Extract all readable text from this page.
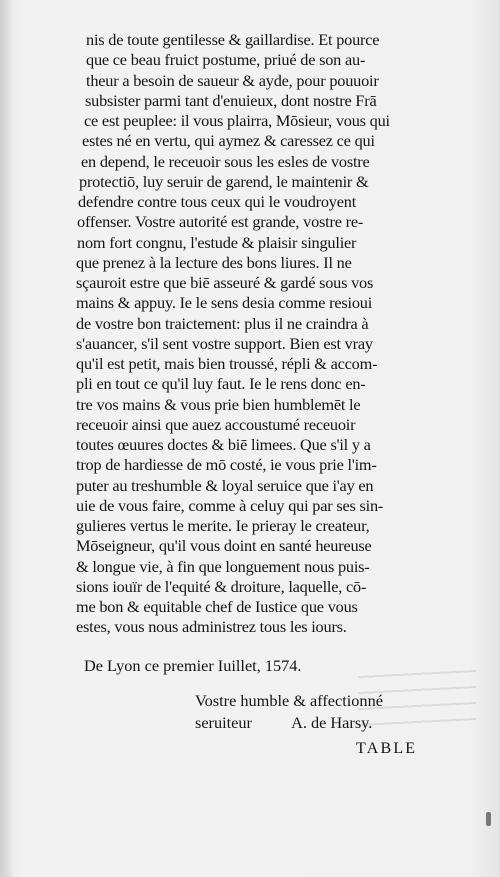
nis de toute gentilesse & gaillardise. Et pource
que ce beau fruict postume, priué de son au-
theur a besoin de saueur & ayde, pour pouuoir
subsister parmi tant d'enuieux, dont nostre Frā
ce est peuplee: il vous plairra, Mōsieur, vous qui
estes né en vertu, qui aymez & caressez ce qui
en depend, le receuoir sous les esles de vostre
protectiō, luy seruir de garend, le maintenir &
defendre contre tous ceux qui le voudroyent
offenser. Vostre autorité est grande, vostre re-
nom fort congnu, l'estude & plaisir singulier
que prenez à la lecture des bons liures. Il ne
sçauroit estre que biē asseuré & gardé sous vos
mains & appuy. Ie le sens desia comme resioui
de vostre bon traictement: plus il ne craindra à
s'auancer, s'il sent vostre support. Bien est vray
qu'il est petit, mais bien troussé, répli & accom-
pli en tout ce qu'il luy faut. Ie le rens donc en-
tre vos mains & vous prie bien humblemēt le
receuoir ainsi que auez accoustumé receuoir
toutes œuures doctes & biē limees. Que s'il y a
trop de hardiesse de mō costé, ie vous prie l'im-
puter au treshumble & loyal seruice que i'ay en
uie de vous faire, comme à celuy qui par ses sin-
gulieres vertus le merite. Ie prieray le createur,
Mōseigneur, qu'il vous doint en santé heureuse
& longue vie, à fin que longuement nous puis-
sions iouïr de l'equité & droiture, laquelle, cō-
me bon & equitable chef de Iustice que vous
estes, vous nous administrez tous les iours.
De Lyon ce premier Iuillet, 1574.
Vostre humble & affectionné
seruiteur A. de Harsy.
TABLE
